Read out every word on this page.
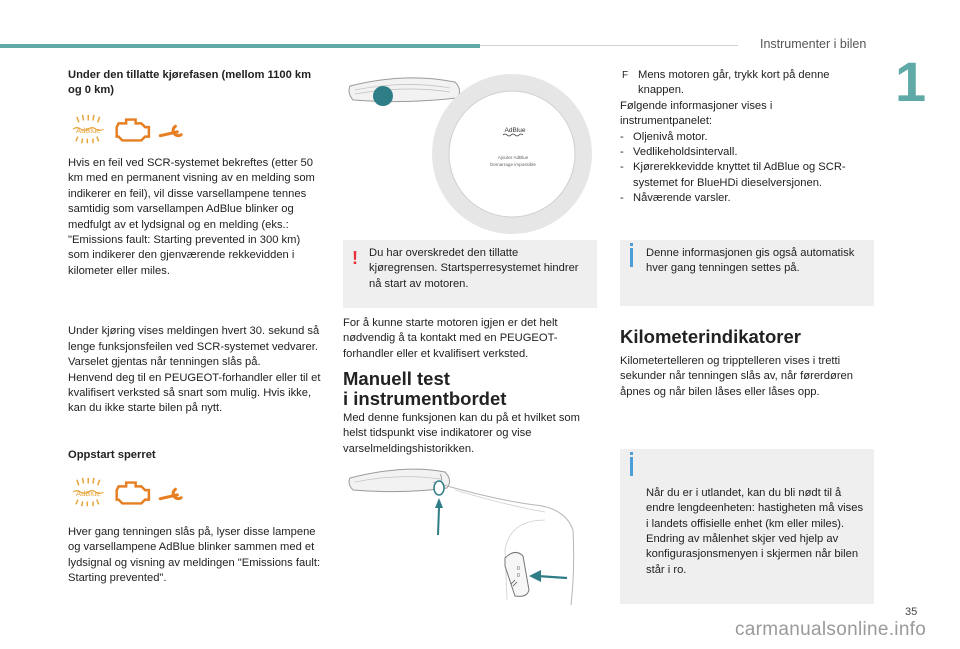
Instrumenter i bilen
1

Under den tillatte kjørefasen (mellom 1100 km og 0 km)

AdBlue

Hvis en feil ved SCR-systemet bekreftes (etter 50 km med en permanent visning av en melding som indikerer en feil), vil disse varsellampene tennes samtidig som varsellampen AdBlue blinker og medfulgt av et lydsignal og en melding (eks.: "Emissions fault: Starting prevented in 300 km) som indikerer den gjenværende rekkevidden i kilometer eller miles.

Under kjøring vises meldingen hvert 30. sekund så lenge funksjonsfeilen ved SCR-systemet vedvarer.
Varselet gjentas når tenningen slås på.
Henvend deg til en PEUGEOT-forhandler eller til et kvalifisert verksted så snart som mulig. Hvis ikke, kan du ikke starte bilen på nytt.

Oppstart sperret

AdBlue

Hver gang tenningen slås på, lyser disse lampene og varsellampene AdBlue blinker sammen med et lydsignal og visning av meldingen "Emissions fault: Starting prevented".

AdBlue
Ajouter AdBlue
Demarrage impossible
! Du har overskredet den tillatte kjøregrensen. Startsperresystemet hindrer nå start av motoren.

For å kunne starte motoren igjen er det helt nødvendig å ta kontakt med en PEUGEOT-forhandler eller et kvalifisert verksted.

Manuell test
i instrumentbordet

Med denne funksjonen kan du på et hvilket som helst tidspunkt vise indikatorer og vise varselmeldingshistorikken.

0
0
F Mens motoren går, trykk kort på denne knappen.

Følgende informasjoner vises i instrumentpanelet:

- Oljenivå motor.
- Vedlikeholdsintervall.
- Kjørerekkevidde knyttet til AdBlue og SCR-systemet for BlueHDi dieselversjonen.
- Nåværende varsler.

Denne informasjonen gis også automatisk hver gang tenningen settes på.

Kilometerindikatorer

Kilometertelleren og tripptelleren vises i tretti sekunder når tenningen slås av, når førerdøren åpnes og når bilen låses eller låses opp.

Når du er i utlandet, kan du bli nødt til å endre lengdeenheten: hastigheten må vises i landets offisielle enhet (km eller miles).
Endring av målenhet skjer ved hjelp av konfigurasjonsmenyen i skjermen når bilen står i ro.

35
carmanualsonline.info
